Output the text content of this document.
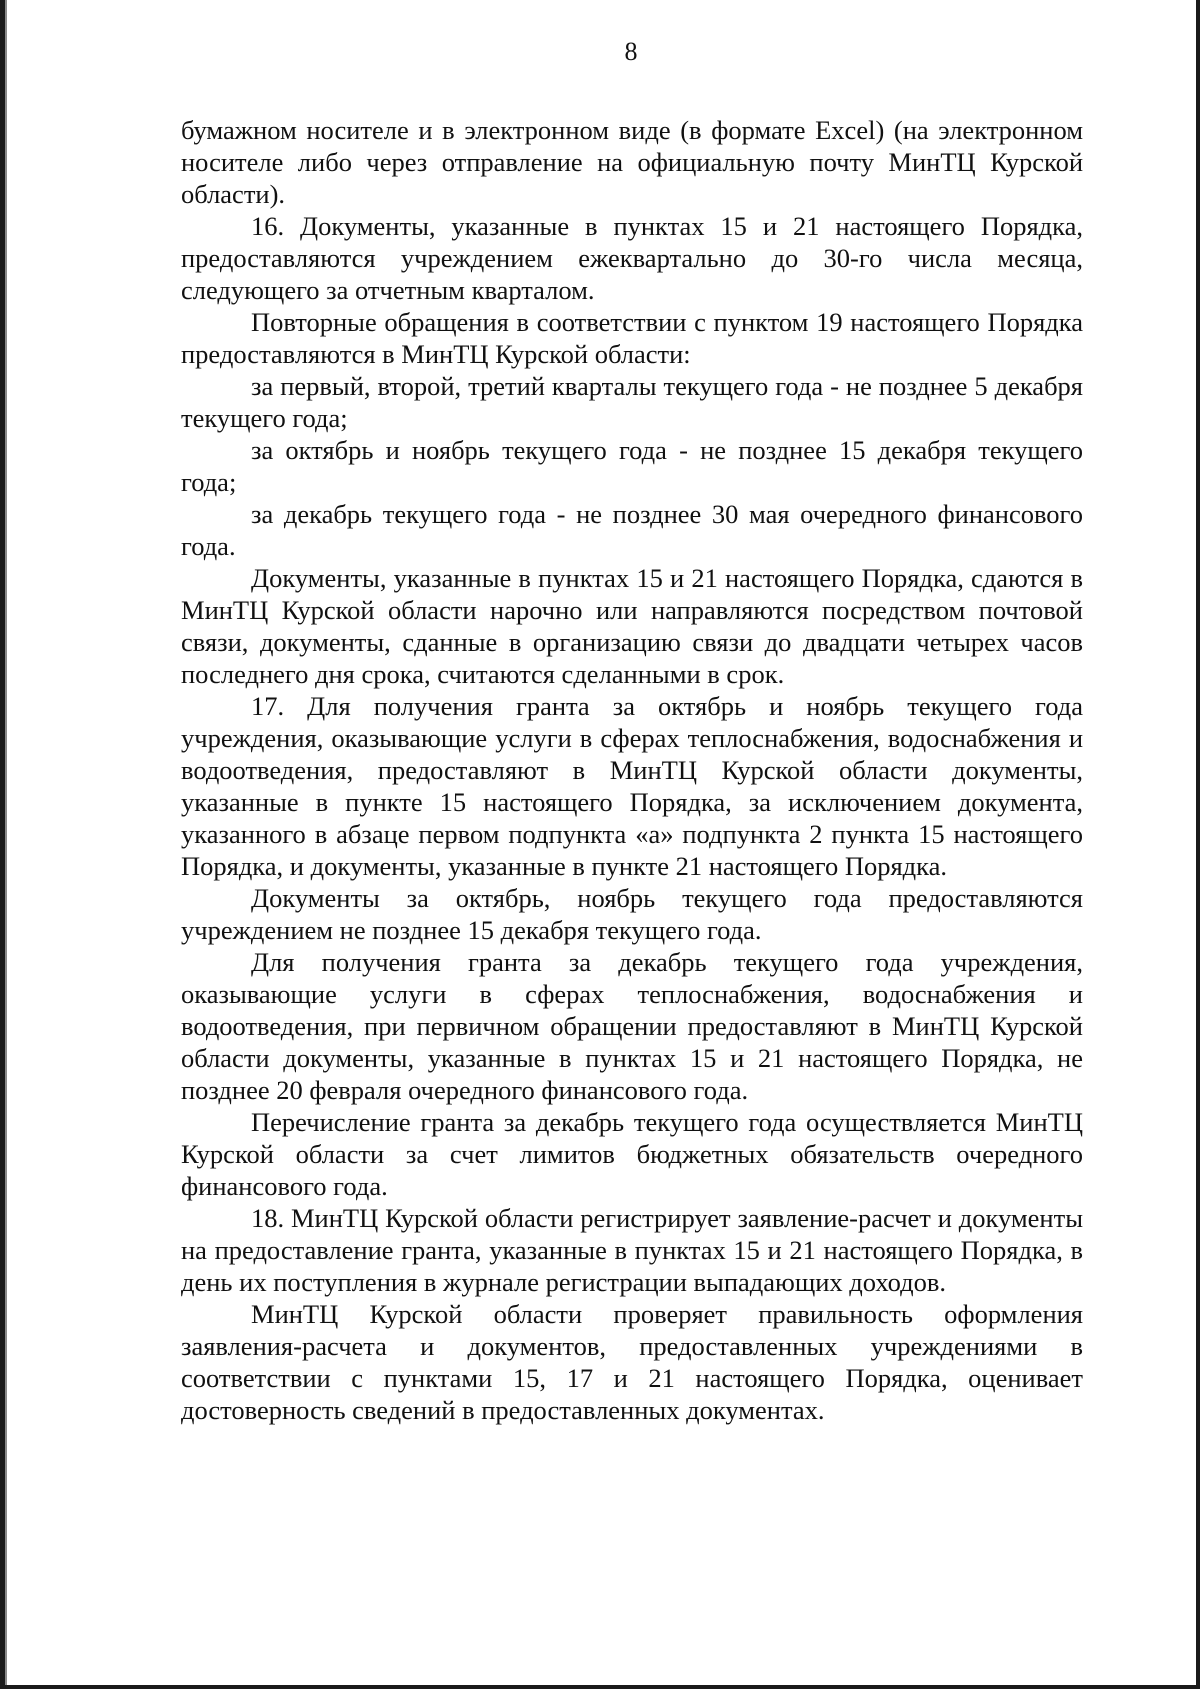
8

бумажном носителе и в электронном виде (в формате Excel) (на электронном носителе либо через отправление на официальную почту МинТЦ Курской области).

16. Документы, указанные в пунктах 15 и 21 настоящего Порядка, предоставляются учреждением ежеквартально до 30-го числа месяца, следующего за отчетным кварталом.

Повторные обращения в соответствии с пунктом 19 настоящего Порядка предоставляются в МинТЦ Курской области:

за первый, второй, третий кварталы текущего года - не позднее 5 декабря текущего года;

за октябрь и ноябрь текущего года - не позднее 15 декабря текущего года;

за декабрь текущего года - не позднее 30 мая очередного финансового года.

Документы, указанные в пунктах 15 и 21 настоящего Порядка, сдаются в МинТЦ Курской области нарочно или направляются посредством почтовой связи, документы, сданные в организацию связи до двадцати четырех часов последнего дня срока, считаются сделанными в срок.

17. Для получения гранта за октябрь и ноябрь текущего года учреждения, оказывающие услуги в сферах теплоснабжения, водоснабжения и водоотведения, предоставляют в МинТЦ Курской области документы, указанные в пункте 15 настоящего Порядка, за исключением документа, указанного в абзаце первом подпункта «а» подпункта 2 пункта 15 настоящего Порядка, и документы, указанные в пункте 21 настоящего Порядка.

Документы за октябрь, ноябрь текущего года предоставляются учреждением не позднее 15 декабря текущего года.

Для получения гранта за декабрь текущего года учреждения, оказывающие услуги в сферах теплоснабжения, водоснабжения и водоотведения, при первичном обращении предоставляют в МинТЦ Курской области документы, указанные в пунктах 15 и 21 настоящего Порядка, не позднее 20 февраля очередного финансового года.

Перечисление гранта за декабрь текущего года осуществляется МинТЦ Курской области за счет лимитов бюджетных обязательств очередного финансового года.

18. МинТЦ Курской области регистрирует заявление-расчет и документы на предоставление гранта, указанные в пунктах 15 и 21 настоящего Порядка, в день их поступления в журнале регистрации выпадающих доходов.

МинТЦ Курской области проверяет правильность оформления заявления-расчета и документов, предоставленных учреждениями в соответствии с пунктами 15, 17 и 21 настоящего Порядка, оценивает достоверность сведений в предоставленных документах.
